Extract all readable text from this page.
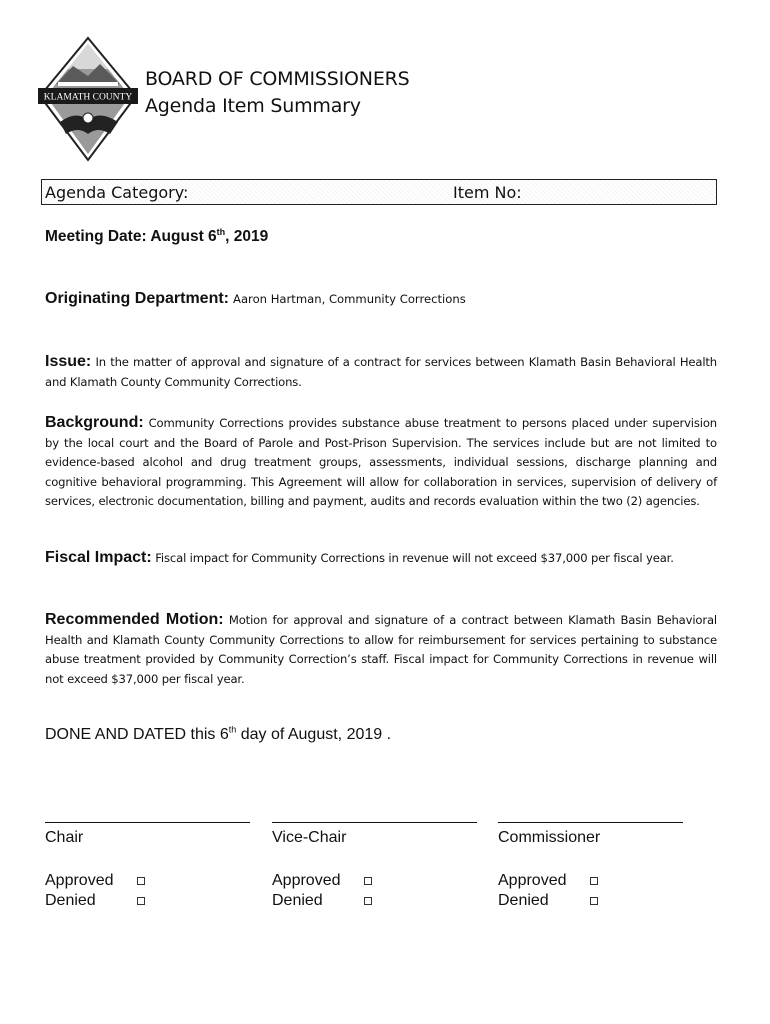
KLAMATH COUNTY
BOARD OF COMMISSIONERS
Agenda Item Summary
Agenda Category:	Item No:
Meeting Date: August 6th, 2019
Originating Department: Aaron Hartman, Community Corrections
Issue: In the matter of approval and signature of a contract for services between Klamath Basin Behavioral Health and Klamath County Community Corrections.
Background: Community Corrections provides substance abuse treatment to persons placed under supervision by the local court and the Board of Parole and Post-Prison Supervision. The services include but are not limited to evidence-based alcohol and drug treatment groups, assessments, individual sessions, discharge planning and cognitive behavioral programming. This Agreement will allow for collaboration in services, supervision of delivery of services, electronic documentation, billing and payment, audits and records evaluation within the two (2) agencies.
Fiscal Impact: Fiscal impact for Community Corrections in revenue will not exceed $37,000 per fiscal year.
Recommended Motion: Motion for approval and signature of a contract between Klamath Basin Behavioral Health and Klamath County Community Corrections to allow for reimbursement for services pertaining to substance abuse treatment provided by Community Correction’s staff. Fiscal impact for Community Corrections in revenue will not exceed $37,000 per fiscal year.
DONE AND DATED this 6th day of August, 2019 .
Chair
Approved
Denied
Vice-Chair
Approved
Denied
Commissioner
Approved
Denied
